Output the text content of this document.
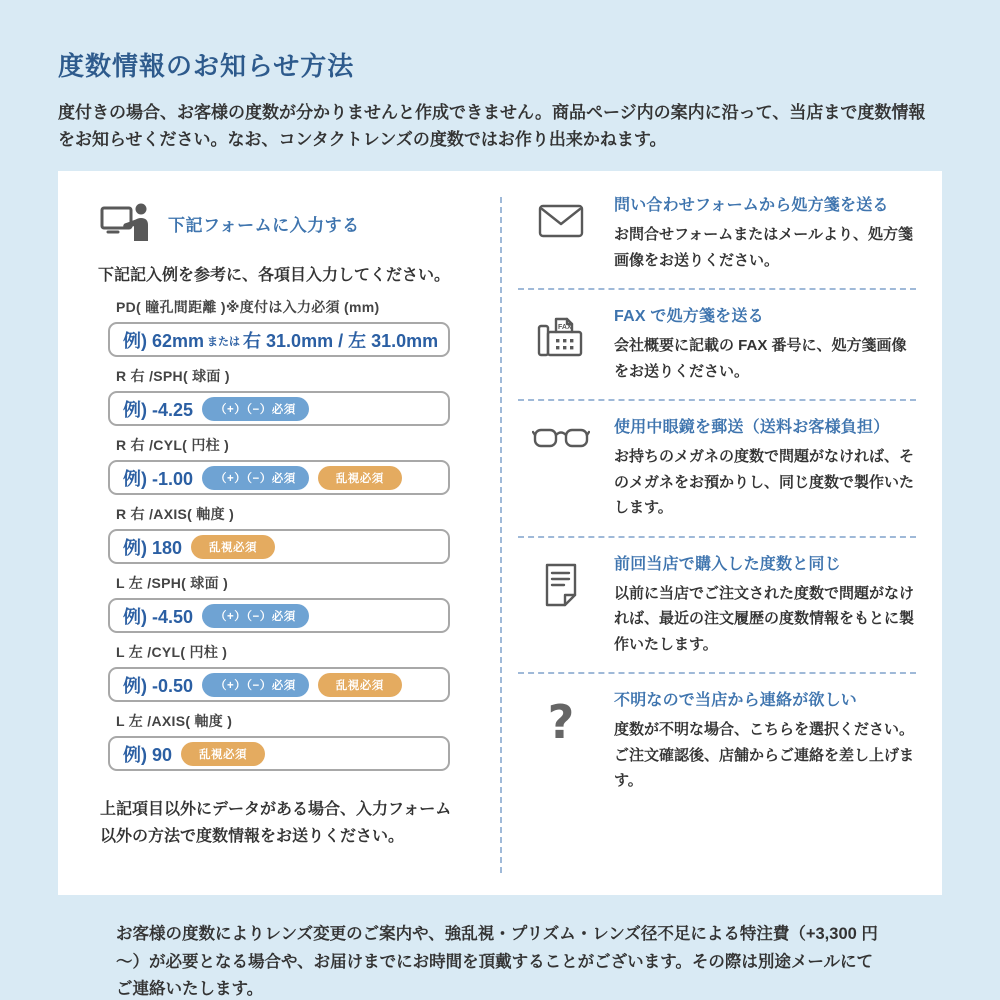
度数情報のお知らせ方法

度付きの場合、お客様の度数が分かりませんと作成できません。商品ページ内の案内に沿って、当店まで度数情報をお知らせください。なお、コンタクトレンズの度数ではお作り出来かねます。

下記フォームに入力する

下記記入例を参考に、各項目入力してください。

PD( 瞳孔間距離 )※度付は入力必須 (mm)
例) 62mm または 右 31.0mm / 左 31.0mm
R 右 /SPH( 球面 )
例) -4.25	（+）（−）必須
R 右 /CYL( 円柱 )
例) -1.00	（+）（−）必須	乱視必須
R 右 /AXIS( 軸度 )
例) 180	乱視必須
L 左 /SPH( 球面 )
例) -4.50	（+）（−）必須
L 左 /CYL( 円柱 )
例) -0.50	（+）（−）必須	乱視必須
L 左 /AXIS( 軸度 )
例) 90	乱視必須

上記項目以外にデータがある場合、入力フォーム以外の方法で度数情報をお送りください。

問い合わせフォームから処方箋を送る
お問合せフォームまたはメールより、処方箋画像をお送りください。
FAX
FAX で処方箋を送る
会社概要に記載の FAX 番号に、処方箋画像をお送りください。
使用中眼鏡を郵送（送料お客様負担）
お持ちのメガネの度数で問題がなければ、そのメガネをお預かりし、同じ度数で製作いたします。
前回当店で購入した度数と同じ
以前に当店でご注文された度数で問題がなければ、最近の注文履歴の度数情報をもとに製作いたします。
? 不明なので当店から連絡が欲しい
度数が不明な場合、こちらを選択ください。ご注文確認後、店舗からご連絡を差し上げます。

お客様の度数によりレンズ変更のご案内や、強乱視・プリズム・レンズ径不足による特注費（+3,300 円～）が必要となる場合や、お届けまでにお時間を頂戴することがございます。その際は別途メールにてご連絡いたします。
